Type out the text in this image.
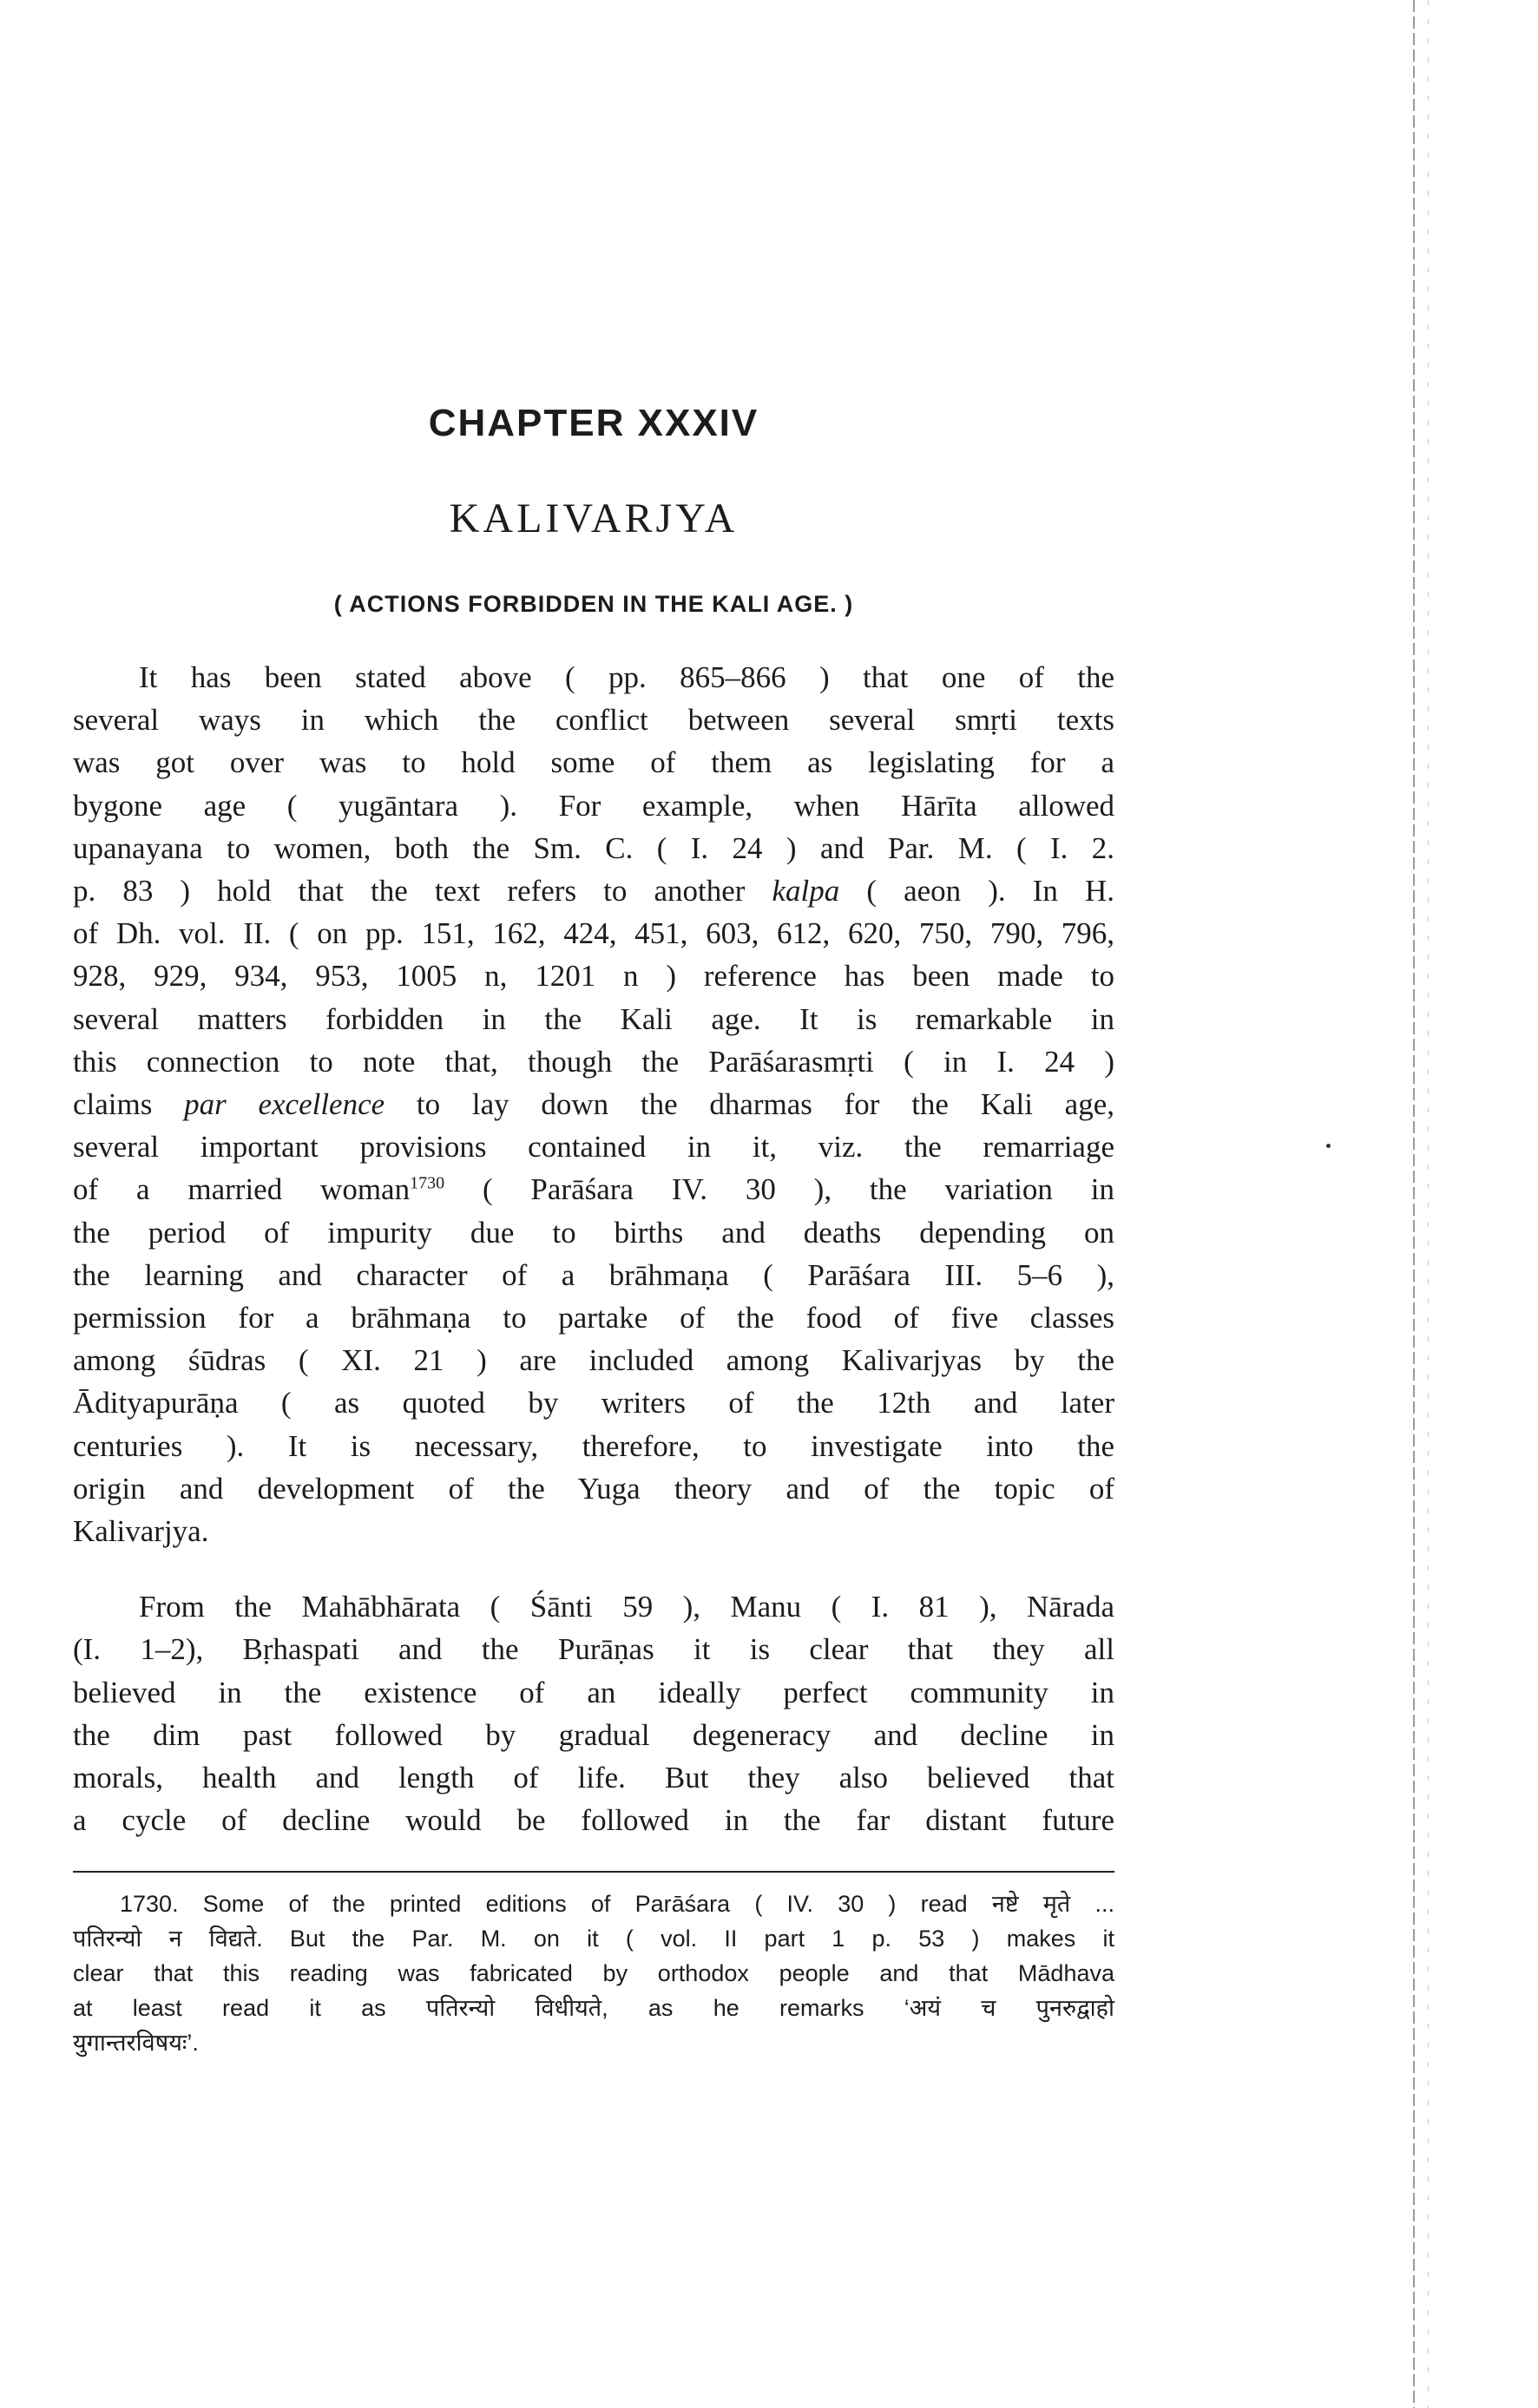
CHAPTER XXXIV
KALIVARJYA
( ACTIONS FORBIDDEN IN THE KALI AGE. )

It has been stated above ( pp. 865–866 ) that one of the
several ways in which the conflict between several smṛti texts
was got over was to hold some of them as legislating for a
bygone age ( yugāntara ). For example, when Hārīta allowed
upanayana to women, both the Sm. C. ( I. 24 ) and Par. M. ( I. 2.
p. 83 ) hold that the text refers to another kalpa ( aeon ). In H.
of Dh. vol. II. ( on pp. 151, 162, 424, 451, 603, 612, 620, 750, 790, 796,
928, 929, 934, 953, 1005 n, 1201 n ) reference has been made to
several matters forbidden in the Kali age. It is remarkable in
this connection to note that, though the Parāśarasmṛti ( in I. 24 )
claims par excellence to lay down the dharmas for the Kali age,
several important provisions contained in it, viz. the remarriage
of a married woman$^{1730}$ ( Parāśara IV. 30 ), the variation in
the period of impurity due to births and deaths depending on
the learning and character of a brāhmaṇa ( Parāśara III. 5–6 ),
permission for a brāhmaṇa to partake of the food of five classes
among śūdras ( XI. 21 ) are included among Kalivarjyas by the
Ādityapurāṇa ( as quoted by writers of the 12th and later
centuries ). It is necessary, therefore, to investigate into the
origin and development of the Yuga theory and of the topic of
Kalivarjya.

From the Mahābhārata ( Śānti 59 ), Manu ( I. 81 ), Nārada
(I. 1–2), Bṛhaspati and the Purāṇas it is clear that they all
believed in the existence of an ideally perfect community in
the dim past followed by gradual degeneracy and decline in
morals, health and length of life. But they also believed that
a cycle of decline would be followed in the far distant future

1730. Some of the printed editions of Parāśara ( IV. 30 ) read नष्टे मृते ...
पतिरन्यो न विद्यते. But the Par. M. on it ( vol. II part 1 p. 53 ) makes it
clear that this reading was fabricated by orthodox people and that Mādhava
at least read it as पतिरन्यो विधीयते, as he remarks ‘अयं च पुनरुद्वाहो
युगान्तरविषयः’.
